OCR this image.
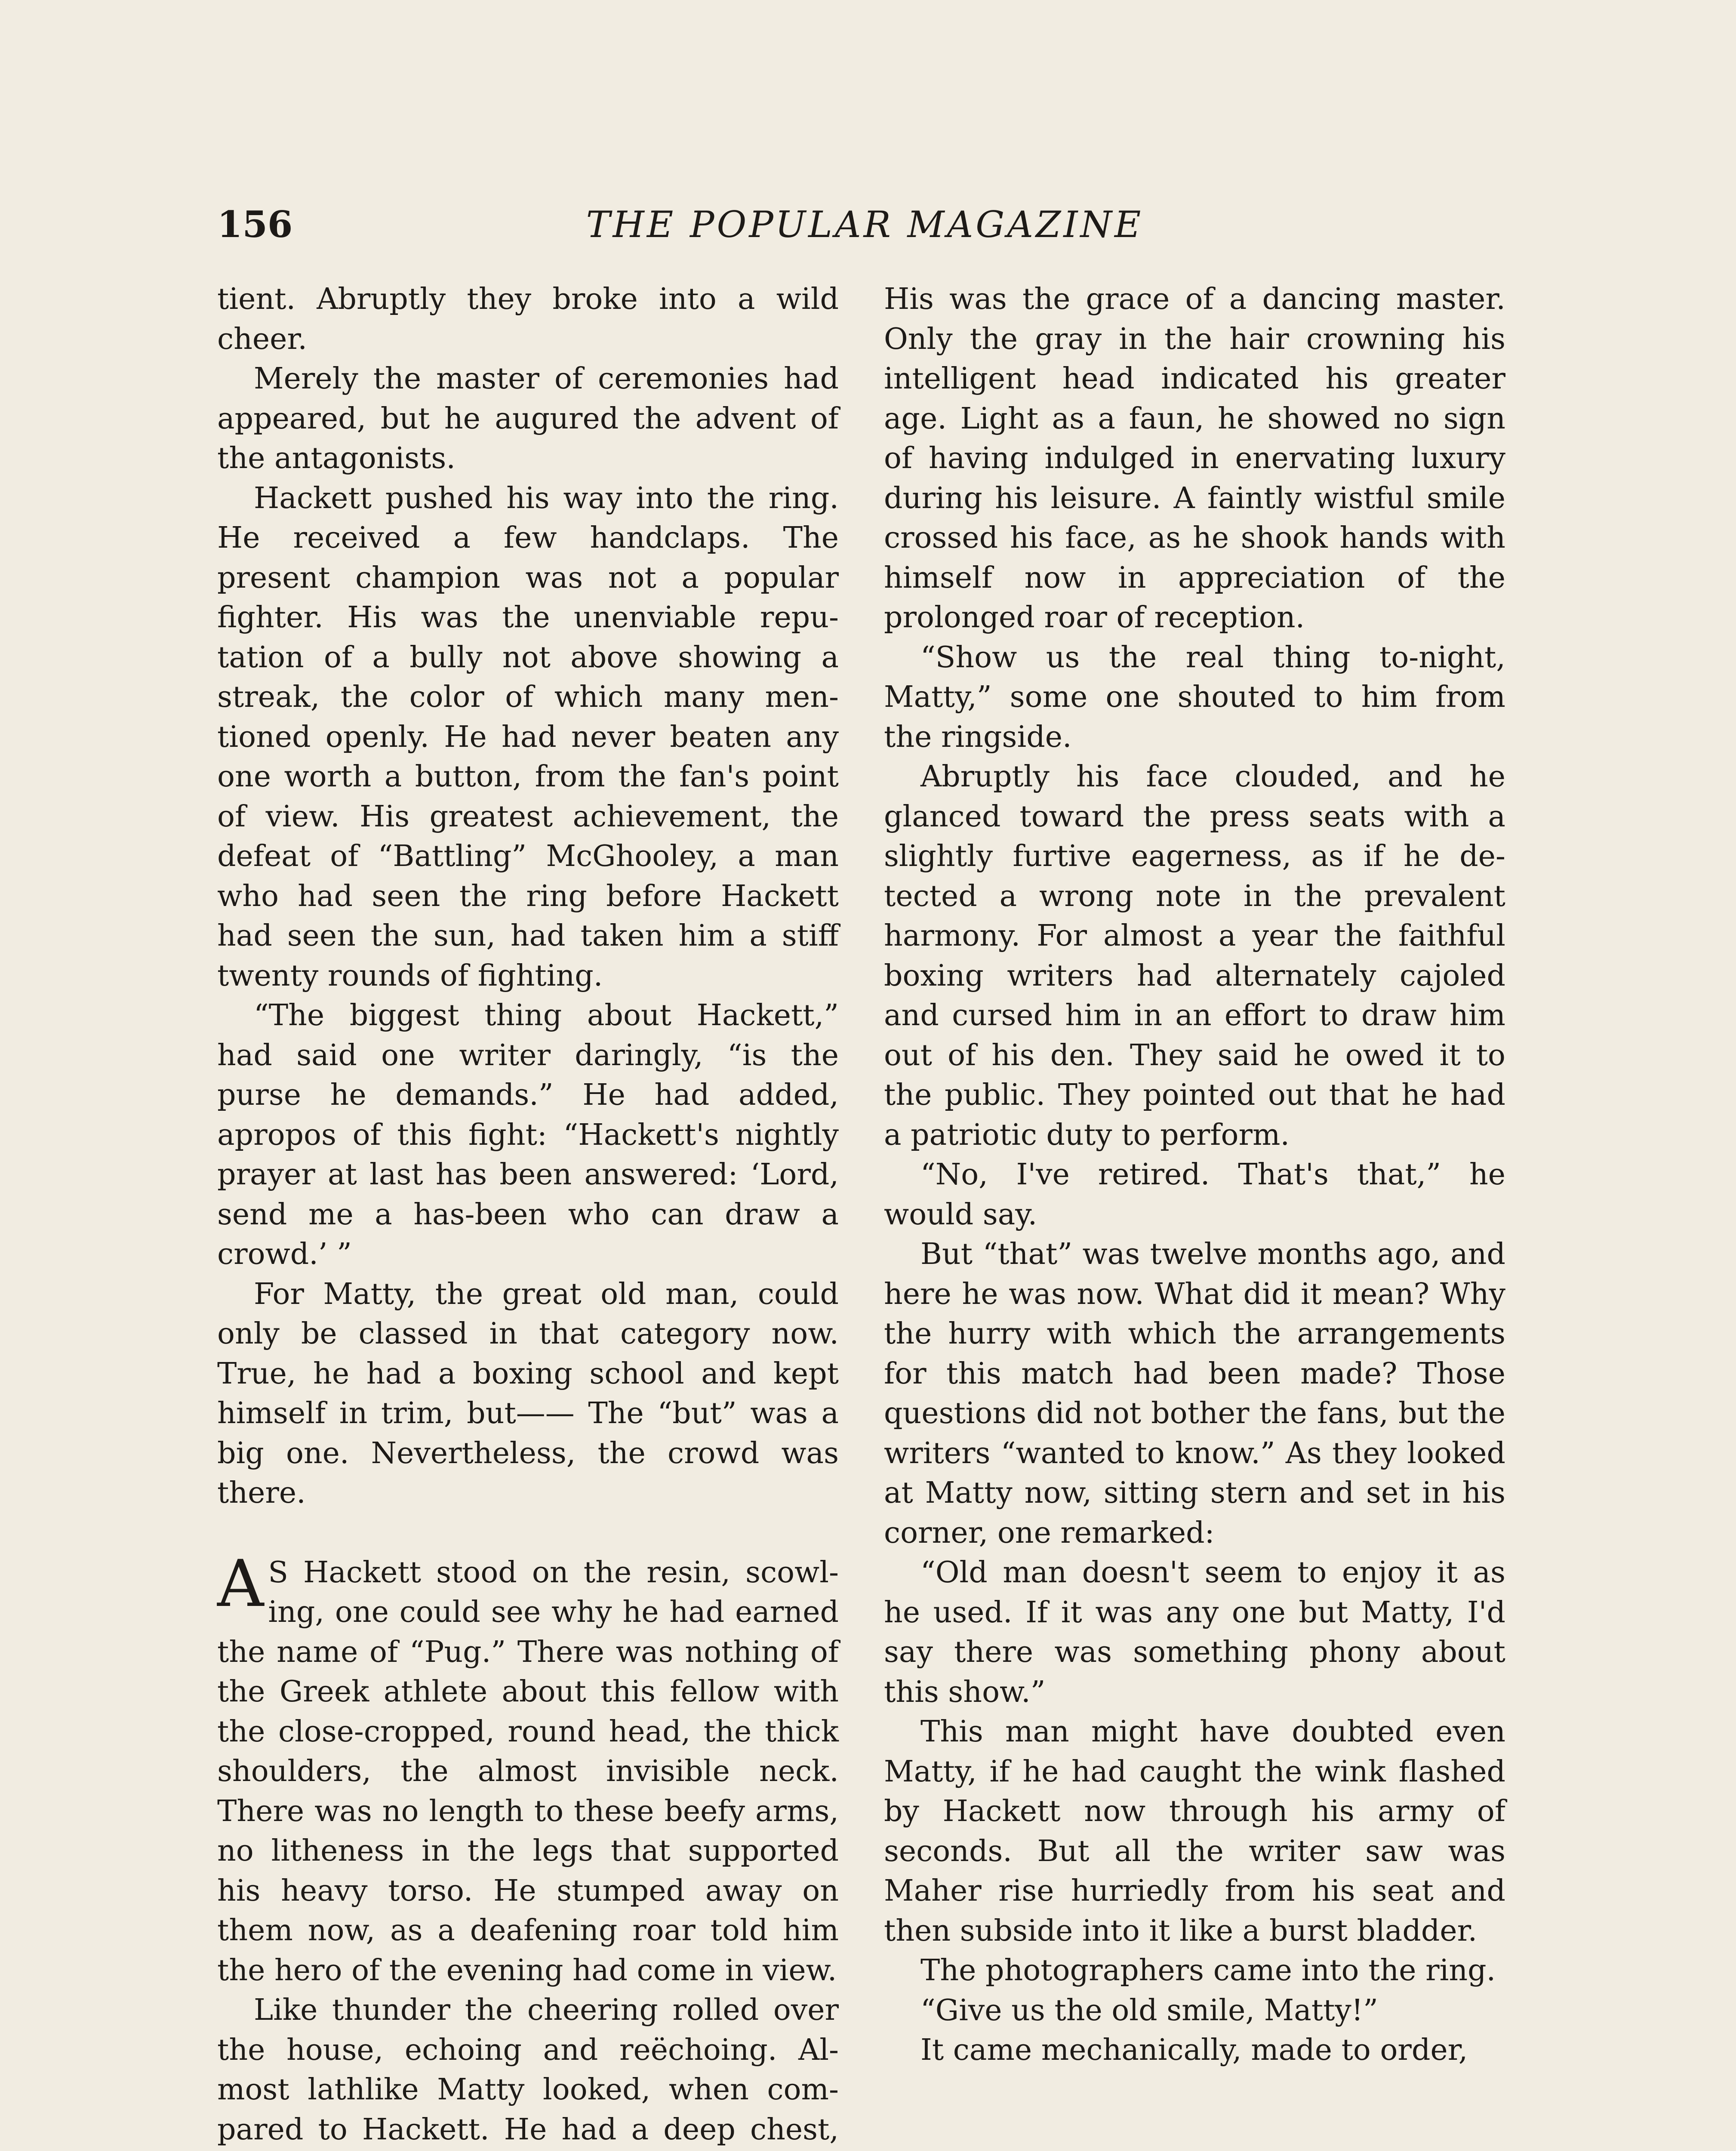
156	THE POPULAR MAGAZINE

tient. Abruptly they broke into a wild cheer.

Merely the master of ceremonies had appeared, but he augured the advent of the antagonists.

Hackett pushed his way into the ring. He received a few handclaps. The present champion was not a popular fighter. His was the unenviable reputation of a bully not above showing a streak, the color of which many mentioned openly. He had never beaten any one worth a button, from the fan's point of view. His greatest achievement, the defeat of “Battling” McGhooley, a man who had seen the ring before Hackett had seen the sun, had taken him a stiff twenty rounds of fighting.

“The biggest thing about Hackett,” had said one writer daringly, “is the purse he demands.” He had added, apropos of this fight: “Hackett's nightly prayer at last has been answered: ‘Lord, send me a has-been who can draw a crowd.’ ”

For Matty, the great old man, could only be classed in that category now. True, he had a boxing school and kept himself in trim, but—— The “but” was a big one. Nevertheless, the crowd was there.

A S Hackett stood on the resin, scowling, one could see why he had earned the name of “Pug.” There was nothing of the Greek athlete about this fellow with the close-cropped, round head, the thick shoulders, the almost invisible neck. There was no length to these beefy arms, no litheness in the legs that supported his heavy torso. He stumped away on them now, as a deafening roar told him the hero of the evening had come in view.

Like thunder the cheering rolled over the house, echoing and reëchoing. Almost lathlike Matty looked, when compared to Hackett. He had a deep chest,

His was the grace of a dancing master. Only the gray in the hair crowning his intelligent head indicated his greater age. Light as a faun, he showed no sign of having indulged in enervating luxury during his leisure. A faintly wistful smile crossed his face, as he shook hands with himself now in appreciation of the prolonged roar of reception.

“Show us the real thing to-night, Matty,” some one shouted to him from the ringside.

Abruptly his face clouded, and he glanced toward the press seats with a slightly furtive eagerness, as if he detected a wrong note in the prevalent harmony. For almost a year the faithful boxing writers had alternately cajoled and cursed him in an effort to draw him out of his den. They said he owed it to the public. They pointed out that he had a patriotic duty to perform.

“No, I've retired. That's that,” he would say.

But “that” was twelve months ago, and here he was now. What did it mean? Why the hurry with which the arrangements for this match had been made? Those questions did not bother the fans, but the writers “wanted to know.” As they looked at Matty now, sitting stern and set in his corner, one remarked:

“Old man doesn't seem to enjoy it as he used. If it was any one but Matty, I'd say there was something phony about this show.”

This man might have doubted even Matty, if he had caught the wink flashed by Hackett now through his army of seconds. But all the writer saw was Maher rise hurriedly from his seat and then subside into it like a burst bladder.

The photographers came into the ring.

“Give us the old smile, Matty!”

It came mechanically, made to order,
